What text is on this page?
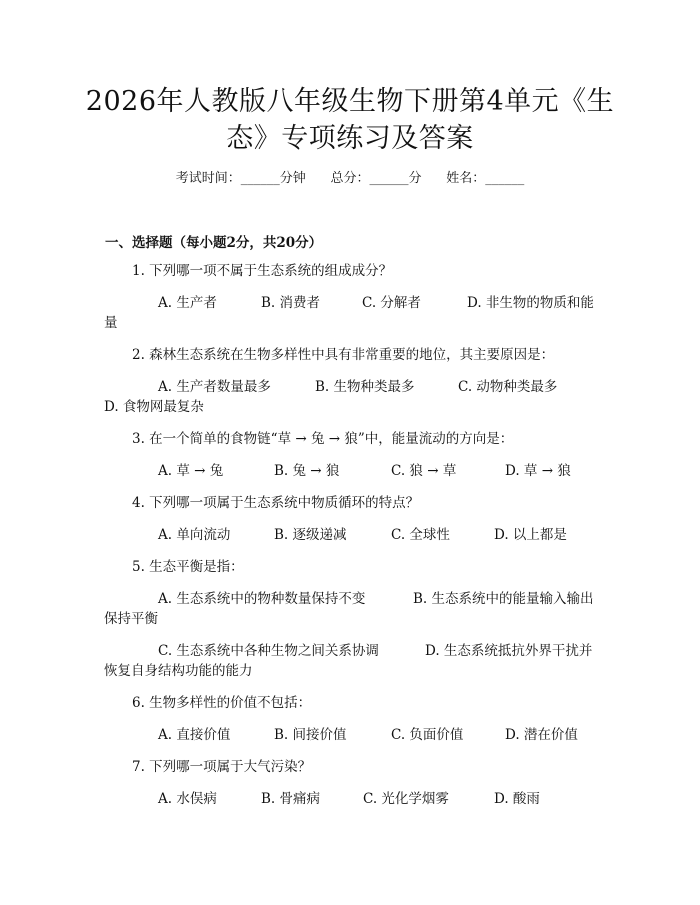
2026年人教版八年级生物下册第4单元《生
态》专项练习及答案
考试时间：______分钟      总分：______分      姓名：______
一、选择题（每小题2分，共20分）
1. 下列哪一项不属于生态系统的组成成分？
A. 生产者	B. 消费者	C. 分解者	D. 非生物的物质和能
量
2. 森林生态系统在生物多样性中具有非常重要的地位，其主要原因是：
A. 生产者数量最多	B. 生物种类最多	C. 动物种类最多
D. 食物网最复杂
3. 在一个简单的食物链“草 → 兔 → 狼”中，能量流动的方向是：
A. 草 → 兔	B. 兔 → 狼	C. 狼 → 草	D. 草 → 狼
4. 下列哪一项属于生态系统中物质循环的特点？
A. 单向流动	B. 逐级递减	C. 全球性	D. 以上都是
5. 生态平衡是指：
A. 生态系统中的物种数量保持不变	B. 生态系统中的能量输入输出
保持平衡
C. 生态系统中各种生物之间关系协调	D. 生态系统抵抗外界干扰并
恢复自身结构功能的能力
6. 生物多样性的价值不包括：
A. 直接价值	B. 间接价值	C. 负面价值	D. 潜在价值
7. 下列哪一项属于大气污染？
A. 水俣病	B. 骨痛病	C. 光化学烟雾	D. 酸雨
